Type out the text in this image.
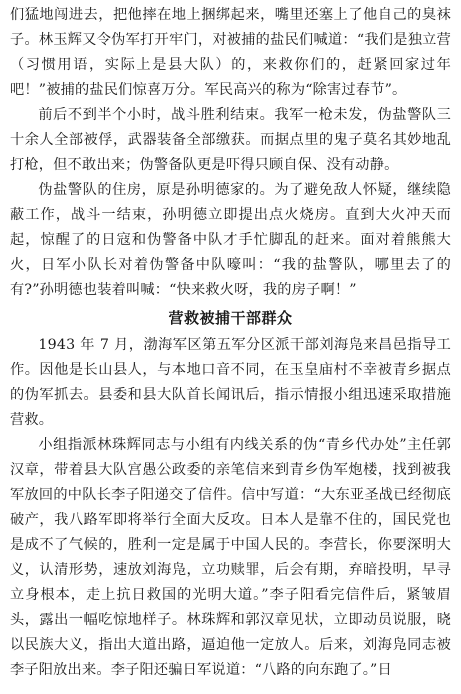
们猛地闯进去，把他摔在地上捆绑起来，嘴里还塞上了他自己的臭袜子。林玉辉又令伪军打开牢门，对被捕的盐民们喊道：“我们是独立营（习惯用语，实际上是县大队）的，来救你们的，赶紧回家过年吧！”被捕的盐民们惊喜万分。军民高兴的称为“除害过春节”。

前后不到半个小时，战斗胜利结束。我军一枪未发，伪盐警队三十余人全部被俘，武器装备全部缴获。而据点里的鬼子莫名其妙地乱打枪，但不敢出来；伪警备队更是吓得只顾自保、没有动静。

伪盐警队的住房，原是孙明德家的。为了避免敌人怀疑，继续隐蔽工作，战斗一结束，孙明德立即提出点火烧房。直到大火冲天而起，惊醒了的日寇和伪警备中队才手忙脚乱的赶来。面对着熊熊大火，日军小队长对着伪警备中队嚎叫：“我的盐警队，哪里去了的有?”孙明德也装着叫喊：“快来救火呀，我的房子啊！”

营救被捕干部群众

1943 年 7 月，渤海军区第五军分区派干部刘海凫来昌邑指导工作。因他是长山县人，与本地口音不同，在玉皇庙村不幸被青乡据点的伪军抓去。县委和县大队首长闻讯后，指示情报小组迅速采取措施营救。

小组指派林珠辉同志与小组有内线关系的伪“青乡代办处”主任郭汉章，带着县大队宫愚公政委的亲笔信来到青乡伪军炮楼，找到被我军放回的中队长李子阳递交了信件。信中写道：“大东亚圣战已经彻底破产，我八路军即将举行全面大反攻。日本人是靠不住的，国民党也是成不了气候的，胜利一定是属于中国人民的。李营长，你要深明大义，认清形势，速放刘海凫，立功赎罪，后会有期，弃暗投明，早寻立身根本，走上抗日救国的光明大道。”李子阳看完信件后，紧皱眉头，露出一幅吃惊地样子。林珠辉和郭汉章见状，立即动员说服，晓以民族大义，指出大道出路，逼迫他一定放人。后来，刘海凫同志被李子阳放出来。李子阳还骗日军说道：“八路的向东跑了。”日
